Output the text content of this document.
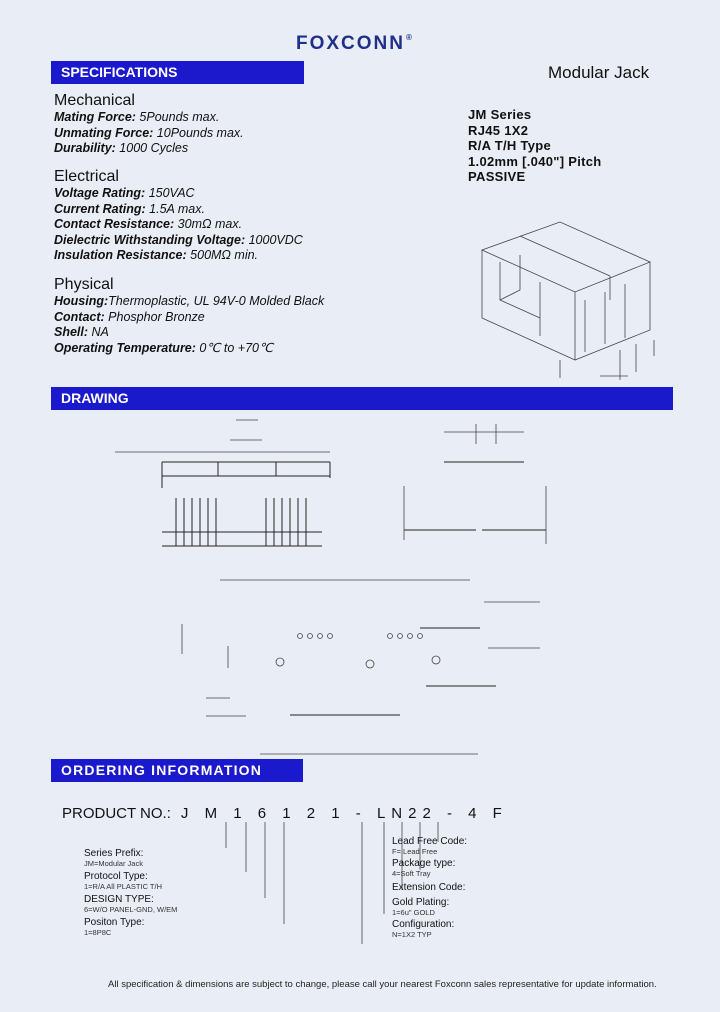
FOXCONN®
SPECIFICATIONS
DRAWING
ORDERING INFORMATION
Modular Jack
JM Series
RJ45 1X2
R/A T/H Type
1.02mm [.040"] Pitch
PASSIVE
Mechanical
Mating Force: 5Pounds max.
Unmating Force: 10Pounds max.
Durability: 1000 Cycles
Electrical
Voltage Rating: 150VAC
Current Rating: 1.5A max.
Contact Resistance: 30mΩ max.
Dielectric Withstanding Voltage: 1000VDC
Insulation Resistance: 500MΩ min.
Physical
Housing:Thermoplastic, UL 94V-0 Molded Black
Contact: Phosphor Bronze
Shell: NA
Operating Temperature: 0℃ to +70℃
PRODUCT NO.: J M 1 6 1 2 1 - LN22 - 4 F
Series Prefix:
JM=Modular Jack
Protocol Type:
1=R/A All PLASTIC T/H
DESIGN TYPE:
6=W/O PANEL-GND, W/EM
Positon Type:
1=8P8C
Lead Free Code:
F= Lead Free
Package type:
4=Soft Tray
Extension Code:
Gold Plating:
1=6u" GOLD
Configuration:
N=1X2 TYP
All specification & dimensions are subject to change, please call your nearest Foxconn sales representative for update information.
